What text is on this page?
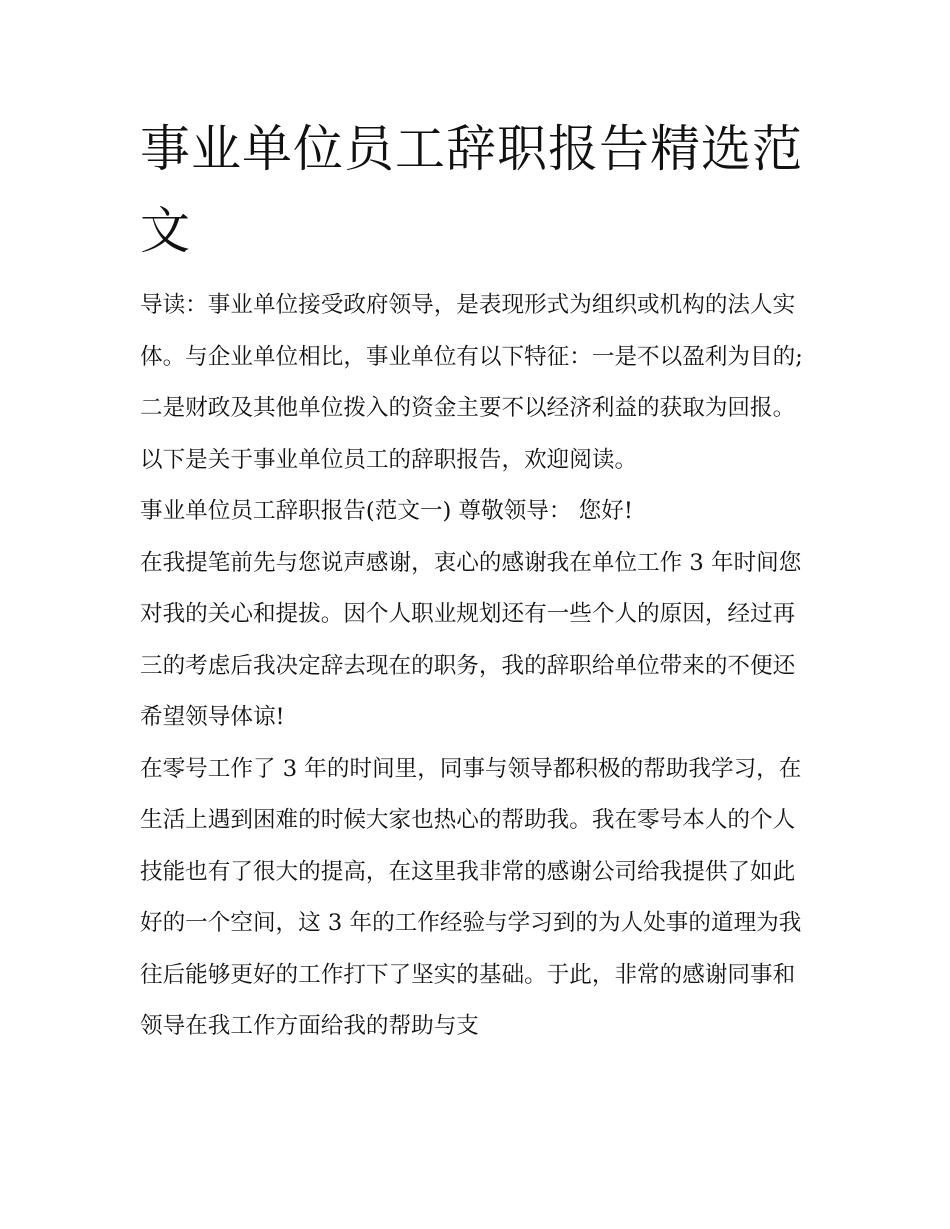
事业单位员工辞职报告精选范文

导读：事业单位接受政府领导，是表现形式为组织或机构的法人实体。与企业单位相比，事业单位有以下特征：一是不以盈利为目的;二是财政及其他单位拨入的资金主要不以经济利益的获取为回报。以下是关于事业单位员工的辞职报告，欢迎阅读。

事业单位员工辞职报告(范文一) 尊敬领导： 您好!

在我提笔前先与您说声感谢，衷心的感谢我在单位工作 3 年时间您对我的关心和提拔。因个人职业规划还有一些个人的原因，经过再三的考虑后我决定辞去现在的职务，我的辞职给单位带来的不便还希望领导体谅!

在零号工作了 3 年的时间里，同事与领导都积极的帮助我学习，在生活上遇到困难的时候大家也热心的帮助我。我在零号本人的个人技能也有了很大的提高，在这里我非常的感谢公司给我提供了如此好的一个空间，这 3 年的工作经验与学习到的为人处事的道理为我往后能够更好的工作打下了坚实的基础。于此，非常的感谢同事和领导在我工作方面给我的帮助与支
